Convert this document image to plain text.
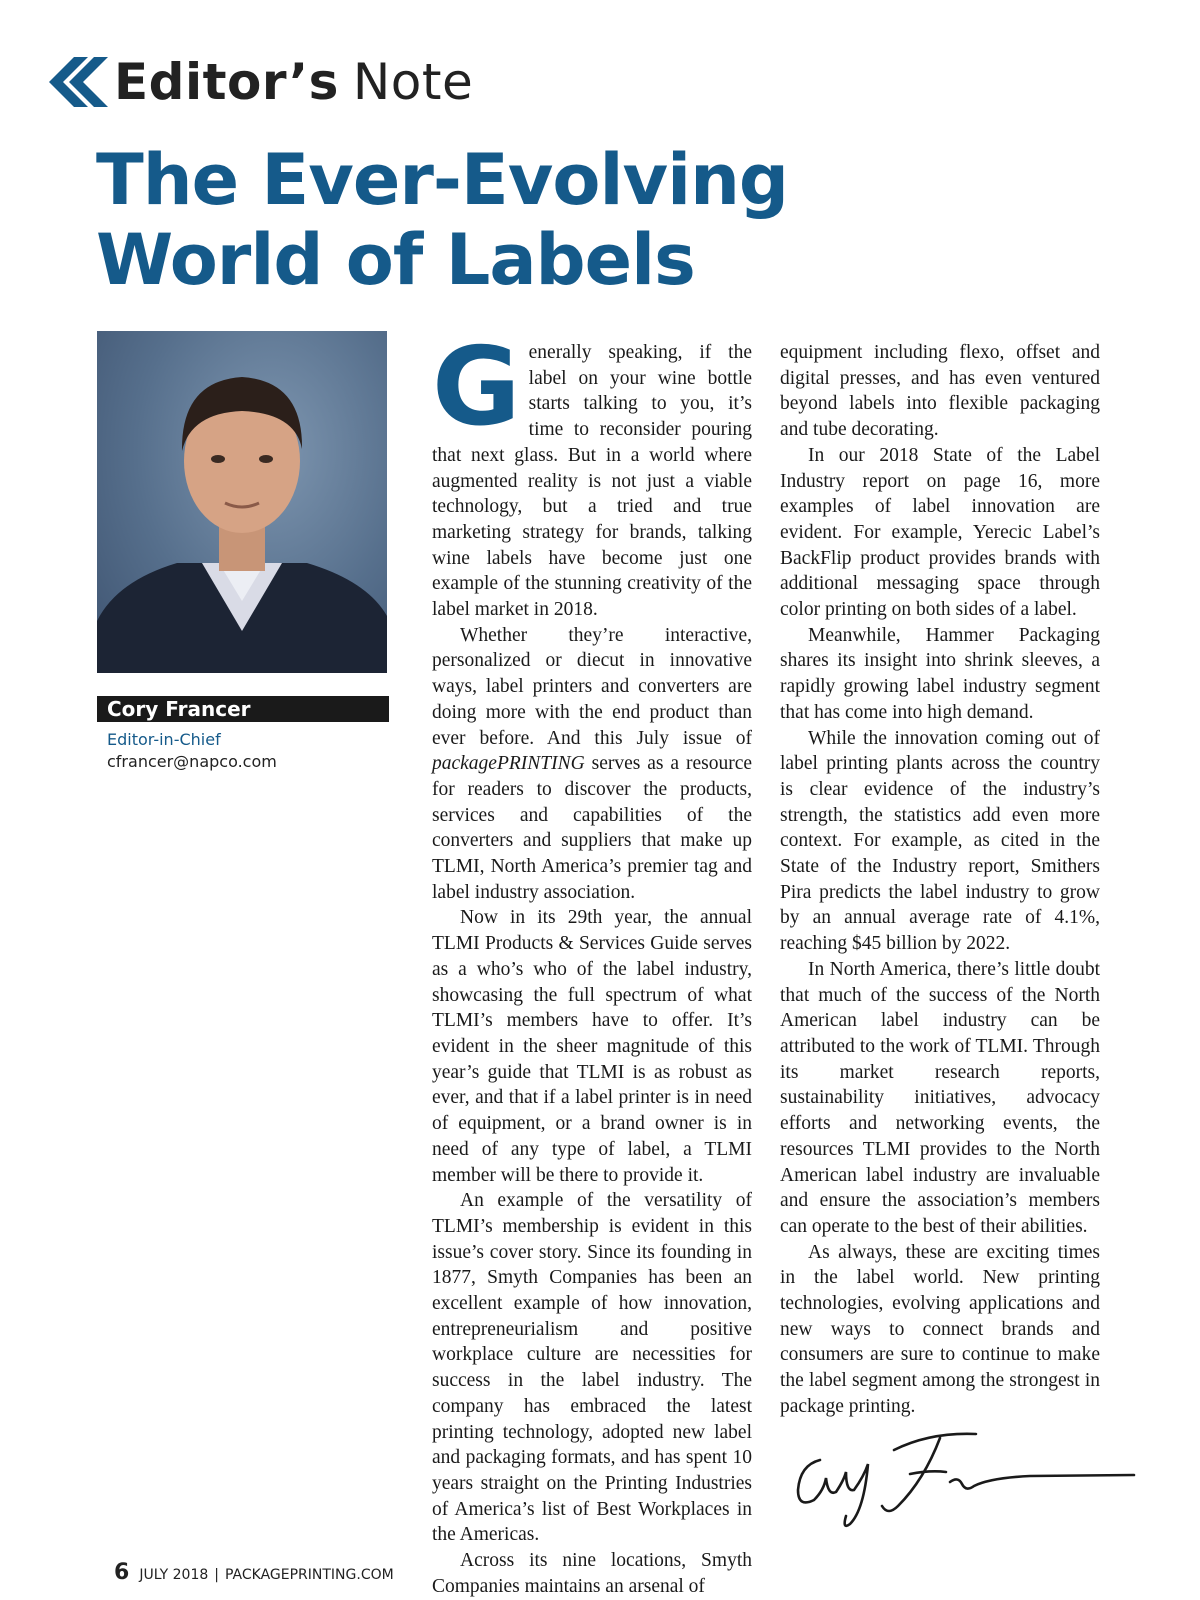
Editor’s Note
The Ever-Evolving
World of Labels
Cory Francer
Editor-in-Chief
cfrancer@napco.com

Generally speaking, if the label on your wine bottle starts talking to you, it’s time to reconsider pouring that next glass. But in a world where augmented reality is not just a viable technology, but a tried and true marketing strategy for brands, talking wine labels have become just one example of the stunning creativity of the label market in 2018.

Whether they’re interactive, personalized or diecut in innovative ways, label printers and converters are doing more with the end product than ever before. And this July issue of packagePRINTING serves as a resource for readers to discover the products, services and capabilities of the converters and suppliers that make up TLMI, North America’s premier tag and label industry association.

Now in its 29th year, the annual TLMI Products & Services Guide serves as a who’s who of the label industry, showcasing the full spectrum of what TLMI’s members have to offer. It’s evident in the sheer magnitude of this year’s guide that TLMI is as robust as ever, and that if a label printer is in need of equipment, or a brand owner is in need of any type of label, a TLMI member will be there to provide it.

An example of the versatility of TLMI’s membership is evident in this issue’s cover story. Since its founding in 1877, Smyth Companies has been an excellent example of how innovation, entrepreneurialism and positive workplace culture are necessities for success in the label industry. The company has embraced the latest printing technology, adopted new label and packaging formats, and has spent 10 years straight on the Printing Industries of America’s list of Best Workplaces in the Americas.

Across its nine locations, Smyth Companies maintains an arsenal of

equipment including flexo, offset and digital presses, and has even ventured beyond labels into flexible packaging and tube decorating.

In our 2018 State of the Label Industry report on page 16, more examples of label innovation are evident. For example, Yerecic Label’s BackFlip product provides brands with additional messaging space through color printing on both sides of a label.

Meanwhile, Hammer Packaging shares its insight into shrink sleeves, a rapidly growing label industry segment that has come into high demand.

While the innovation coming out of label printing plants across the country is clear evidence of the industry’s strength, the statistics add even more context. For example, as cited in the State of the Industry report, Smithers Pira predicts the label industry to grow by an annual average rate of 4.1%, reaching $45 billion by 2022.

In North America, there’s little doubt that much of the success of the North American label industry can be attributed to the work of TLMI. Through its market research reports, sustainability initiatives, advocacy efforts and networking events, the resources TLMI provides to the North American label industry are invaluable and ensure the association’s members can operate to the best of their abilities.

As always, these are exciting times in the label world. New printing technologies, evolving applications and new ways to connect brands and consumers are sure to continue to make the label segment among the strongest in package printing.

6 JULY 2018 | PACKAGEPRINTING.COM
